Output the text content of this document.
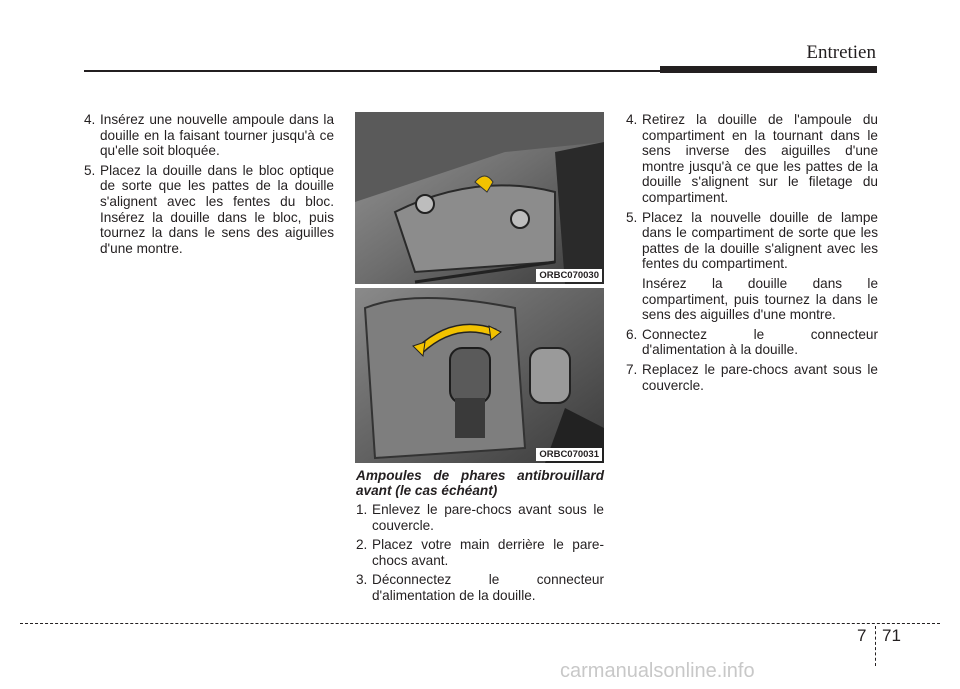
Entretien
4. Insérez une nouvelle ampoule dans la douille en la faisant tourner jusqu'à ce qu'elle soit bloquée.
5. Placez la douille dans le bloc optique de sorte que les pattes de la douille s'alignent avec les fentes du bloc. Insérez la douille dans le bloc, puis tournez la dans le sens des aiguilles d'une montre.
ORBC070030
ORBC070031

Ampoules de phares antibrouillard avant (le cas échéant)

1. Enlevez le pare-chocs avant sous le couvercle.
2. Placez votre main derrière le pare-chocs avant.
3. Déconnectez le connecteur d'alimentation de la douille.
4. Retirez la douille de l'ampoule du compartiment en la tournant dans le sens inverse des aiguilles d'une montre jusqu'à ce que les pattes de la douille s'alignent sur le filetage du compartiment.
5. Placez la nouvelle douille de lampe dans le compartiment de sorte que les pattes de la douille s'alignent avec les fentes du compartiment.

Insérez la douille dans le compartiment, puis tournez la dans le sens des aiguilles d'une montre.

6. Connectez le connecteur d'alimentation à la douille.
7. Replacez le pare-chocs avant sous le couvercle.
7 71
carmanualsonline.info
